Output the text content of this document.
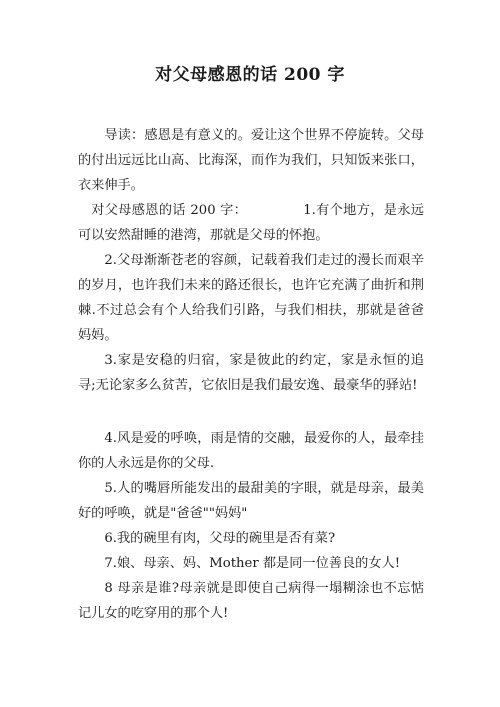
对父母感恩的话 200 字

导读：感恩是有意义的。爱让这个世界不停旋转。父母的付出远远比山高、比海深，而作为我们，只知饭来张口，衣来伸手。

对父母感恩的话 200 字：	1.有个地方，是永远可以安然甜睡的港湾，那就是父母的怀抱。

2.父母渐渐苍老的容颜，记载着我们走过的漫长而艰辛的岁月，也许我们未来的路还很长，也许它充满了曲折和荆棘.不过总会有个人给我们引路，与我们相扶，那就是爸爸 妈妈。

3.家是安稳的归宿，家是彼此的约定，家是永恒的追寻;无论家多么贫苦，它依旧是我们最安逸、最豪华的驿站!

4.风是爱的呼唤，雨是情的交融，最爱你的人，最牵挂你的人永远是你的父母.

5.人的嘴唇所能发出的最甜美的字眼，就是母亲，最美好的呼唤，就是"爸爸""妈妈"

6.我的碗里有肉，父母的碗里是否有菜?

7.娘、母亲、妈、Mother 都是同一位善良的女人!

8 母亲是谁?母亲就是即使自己病得一塌糊涂也不忘惦记儿女的吃穿用的那个人!
